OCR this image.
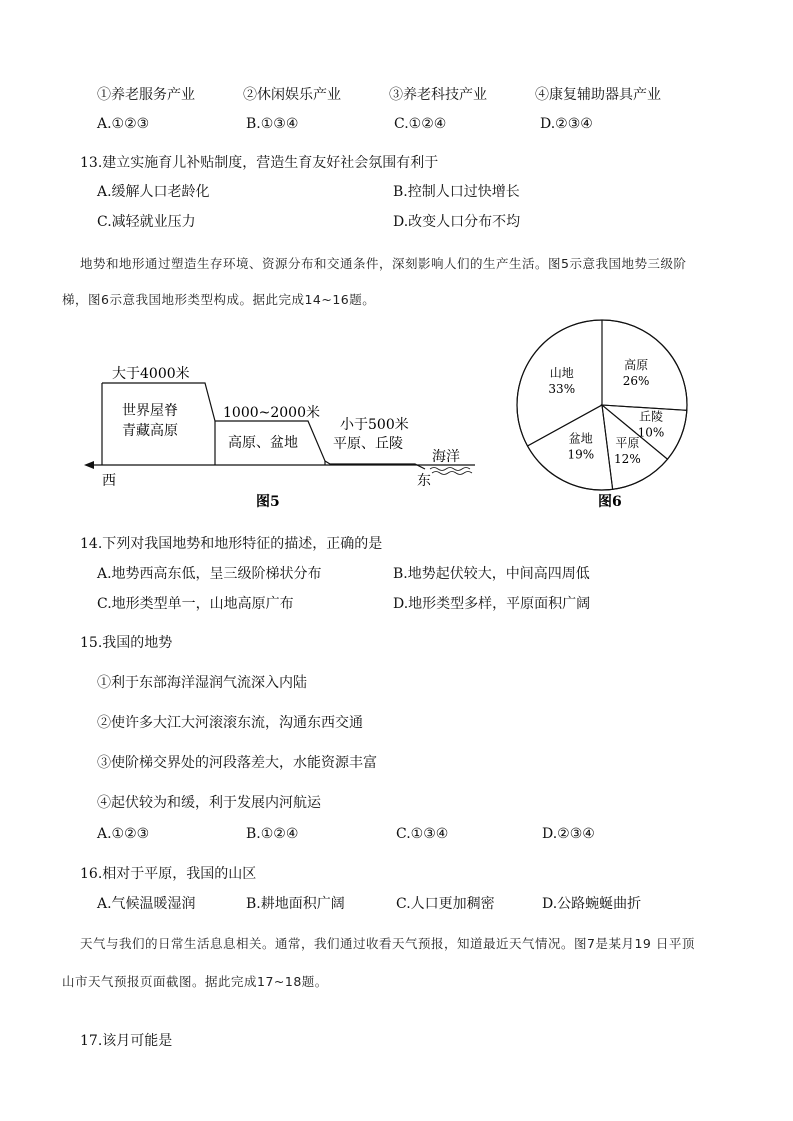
①养老服务产业	②休闲娱乐产业	③养老科技产业	④康复辅助器具产业
A.①②③	B.①③④	C.①②④	D.②③④
13.建立实施育儿补贴制度，营造生育友好社会氛围有利于
A.缓解人口老龄化	B.控制人口过快增长
C.减轻就业压力	D.改变人口分布不均
地势和地形通过塑造生存环境、资源分布和交通条件，深刻影响人们的生产生活。图5示意我国地势三级阶
梯，图6示意我国地形类型构成。据此完成14~16题。
大于4000米
世界屋脊
青藏高原
1000~2000米
高原、盆地
小于500米
平原、丘陵
海洋
西	东
图5
高原
26%
丘陵
10%
平原
12%
盆地
19%
山地
33%
图6
14.下列对我国地势和地形特征的描述，正确的是
A.地势西高东低，呈三级阶梯状分布	B.地势起伏较大，中间高四周低
C.地形类型单一，山地高原广布	D.地形类型多样，平原面积广阔
15.我国的地势
①利于东部海洋湿润气流深入内陆
②使许多大江大河滚滚东流，沟通东西交通
③使阶梯交界处的河段落差大，水能资源丰富
④起伏较为和缓，利于发展内河航运
A.①②③	B.①②④	C.①③④	D.②③④
16.相对于平原，我国的山区
A.气候温暖湿润	B.耕地面积广阔	C.人口更加稠密	D.公路蜿蜒曲折
天气与我们的日常生活息息相关。通常，我们通过收看天气预报，知道最近天气情况。图7是某月19 日平顶
山市天气预报页面截图。据此完成17~18题。
17.该月可能是
